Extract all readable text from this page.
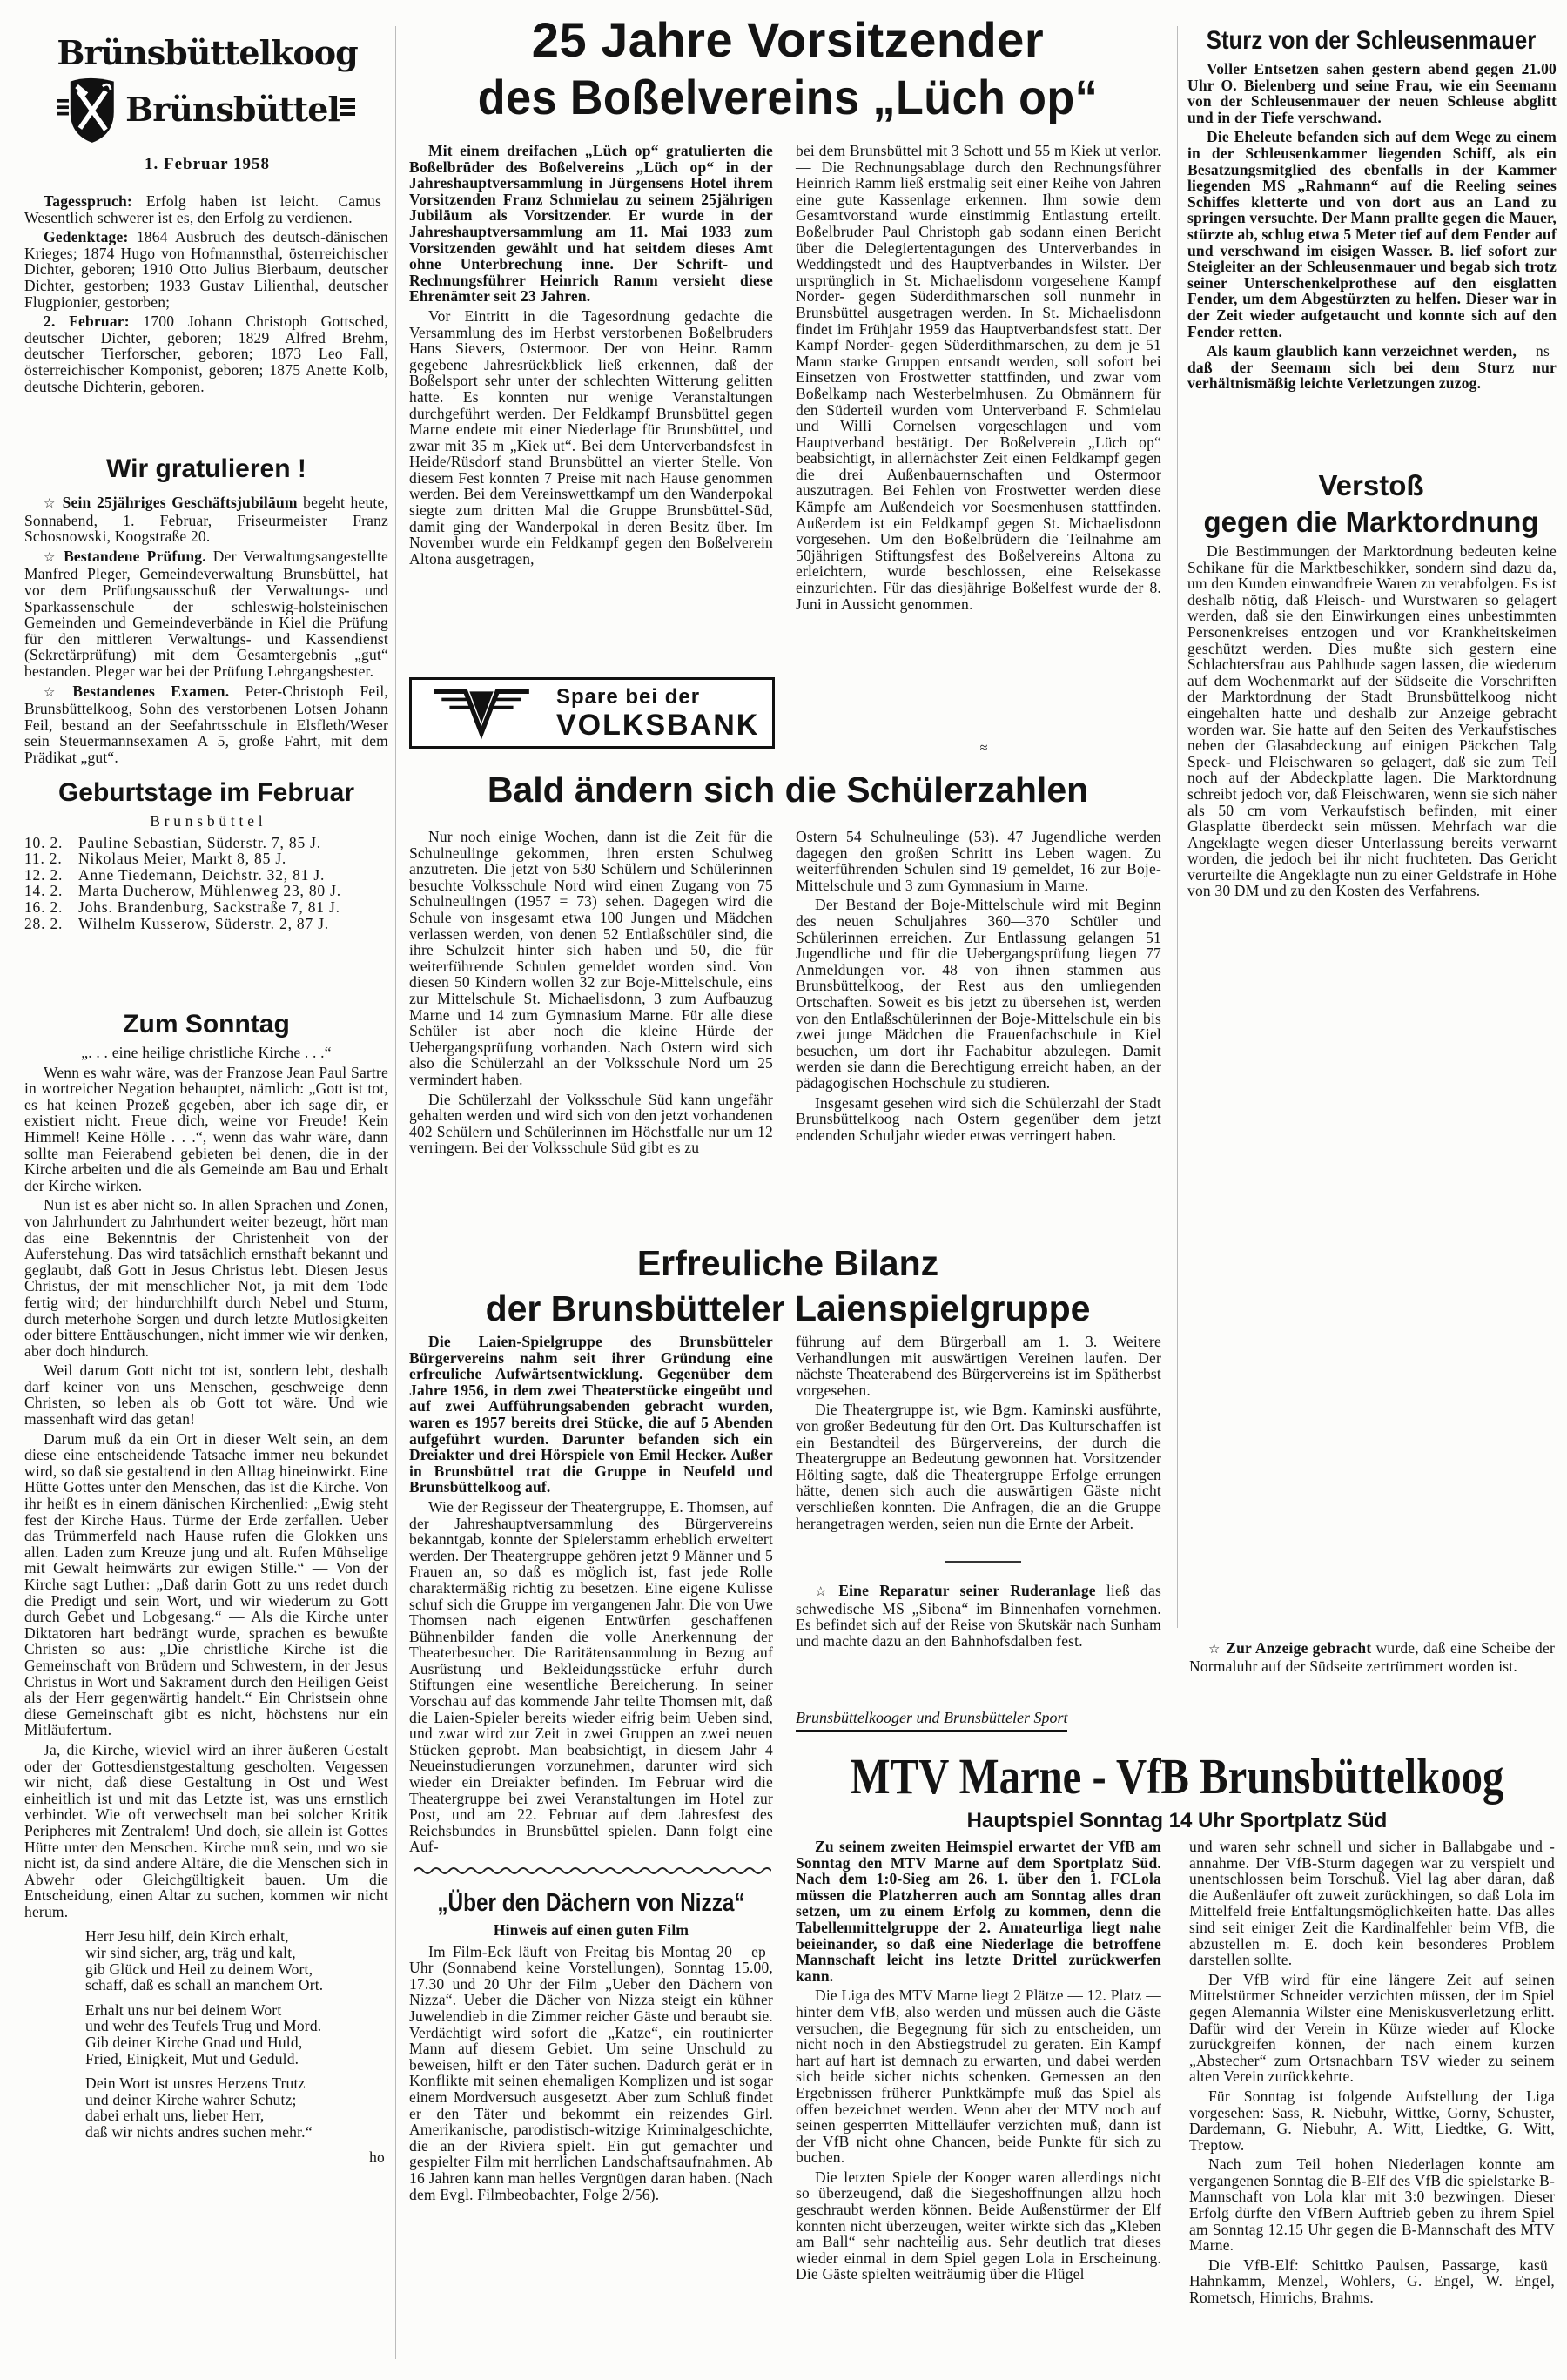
Brünsbüttelkoog
Brünsbüttel
1. Februar 1958

Camus
Tagesspruch: Erfolg haben ist leicht. Wesentlich schwerer ist es, den Erfolg zu verdienen.

Gedenktage: 1864 Ausbruch des deutsch-dänischen Krieges; 1874 Hugo von Hofmannsthal, österreichischer Dichter, geboren; 1910 Otto Julius Bierbaum, deutscher Dichter, gestorben; 1933 Gustav Lilienthal, deutscher Flugpionier, gestorben;

2. Februar: 1700 Johann Christoph Gottsched, deutscher Dichter, geboren; 1829 Alfred Brehm, deutscher Tierforscher, geboren; 1873 Leo Fall, österreichischer Komponist, geboren; 1875 Anette Kolb, deutsche Dichterin, geboren.

Wir gratulieren !

☆ Sein 25jähriges Geschäftsjubiläum begeht heute, Sonnabend, 1. Februar, Friseurmeister Franz Schosnowski, Koogstraße 20.

☆ Bestandene Prüfung. Der Verwaltungsangestellte Manfred Pleger, Gemeindeverwaltung Brunsbüttel, hat vor dem Prüfungsausschuß der Verwaltungs- und Sparkassenschule der schleswig-holsteinischen Gemeinden und Gemeindeverbände in Kiel die Prüfung für den mittleren Verwaltungs- und Kassendienst (Sekretärprüfung) mit dem Gesamtergebnis „gut“ bestanden. Pleger war bei der Prüfung Lehrgangsbester.

☆ Bestandenes Examen. Peter-Christoph Feil, Brunsbüttelkoog, Sohn des verstorbenen Lotsen Johann Feil, bestand an der Seefahrtsschule in Elsfleth/Weser sein Steuermannsexamen A 5, große Fahrt, mit dem Prädikat „gut“.

Geburtstage im Februar
B r u n s b ü t t e l
10. 2. Pauline Sebastian, Süderstr. 7, 85 J.
11. 2. Nikolaus Meier, Markt 8, 85 J.
12. 2. Anne Tiedemann, Deichstr. 32, 81 J.
14. 2. Marta Ducherow, Mühlenweg 23, 80 J.
16. 2. Johs. Brandenburg, Sackstraße 7, 81 J.
28. 2. Wilhelm Kusserow, Süderstr. 2, 87 J.
Zum Sonntag
„. . . eine heilige christliche Kirche . . .“

Wenn es wahr wäre, was der Franzose Jean Paul Sartre in wortreicher Negation behauptet, nämlich: „Gott ist tot, es hat keinen Prozeß gegeben, aber ich sage dir, er existiert nicht. Freue dich, weine vor Freude! Kein Himmel! Keine Hölle . . .“, wenn das wahr wäre, dann sollte man Feierabend gebieten bei denen, die in der Kirche arbeiten und die als Gemeinde am Bau und Erhalt der Kirche wirken.

Nun ist es aber nicht so. In allen Sprachen und Zonen, von Jahrhundert zu Jahrhundert weiter bezeugt, hört man das eine Bekenntnis der Christenheit von der Auferstehung. Das wird tatsächlich ernsthaft bekannt und geglaubt, daß Gott in Jesus Christus lebt. Diesen Jesus Christus, der mit menschlicher Not, ja mit dem Tode fertig wird; der hindurchhilft durch Nebel und Sturm, durch meterhohe Sorgen und durch letzte Mutlosigkeiten oder bittere Enttäuschungen, nicht immer wie wir denken, aber doch hindurch.

Weil darum Gott nicht tot ist, sondern lebt, deshalb darf keiner von uns Menschen, geschweige denn Christen, so leben als ob Gott tot wäre. Und wie massenhaft wird das getan!

Darum muß da ein Ort in dieser Welt sein, an dem diese eine entscheidende Tatsache immer neu bekundet wird, so daß sie gestaltend in den Alltag hineinwirkt. Eine Hütte Gottes unter den Menschen, das ist die Kirche. Von ihr heißt es in einem dänischen Kirchenlied: „Ewig steht fest der Kirche Haus. Türme der Erde zerfallen. Ueber das Trümmerfeld nach Hause rufen die Glokken uns allen. Laden zum Kreuze jung und alt. Rufen Mühselige mit Gewalt heimwärts zur ewigen Stille.“ — Von der Kirche sagt Luther: „Daß darin Gott zu uns redet durch die Predigt und sein Wort, und wir wiederum zu Gott durch Gebet und Lobgesang.“ — Als die Kirche unter Diktatoren hart bedrängt wurde, sprachen es bewußte Christen so aus: „Die christliche Kirche ist die Gemeinschaft von Brüdern und Schwestern, in der Jesus Christus in Wort und Sakrament durch den Heiligen Geist als der Herr gegenwärtig handelt.“ Ein Christsein ohne diese Gemeinschaft gibt es nicht, höchstens nur ein Mitläufertum.

Ja, die Kirche, wieviel wird an ihrer äußeren Gestalt oder der Gottesdienstgestaltung gescholten. Vergessen wir nicht, daß diese Gestaltung in Ost und West einheitlich ist und mit das Letzte ist, was uns ernstlich verbindet. Wie oft verwechselt man bei solcher Kritik Peripheres mit Zentralem! Und doch, sie allein ist Gottes Hütte unter den Menschen. Kirche muß sein, und wo sie nicht ist, da sind andere Altäre, die die Menschen sich in Abwehr oder Gleichgültigkeit bauen. Um die Entscheidung, einen Altar zu suchen, kommen wir nicht herum.

Herr Jesu hilf, dein Kirch erhalt,
wir sind sicher, arg, träg und kalt,
gib Glück und Heil zu deinem Wort,
schaff, daß es schall an manchem Ort.
Erhalt uns nur bei deinem Wort
und wehr des Teufels Trug und Mord.
Gib deiner Kirche Gnad und Huld,
Fried, Einigkeit, Mut und Geduld.
Dein Wort ist unsres Herzens Trutz
und deiner Kirche wahrer Schutz;
dabei erhalt uns, lieber Herr,
daß wir nichts andres suchen mehr.“
ho
25 Jahre Vorsitzender
des Boßelvereins „Lüch op“

Mit einem dreifachen „Lüch op“ gratulierten die Boßelbrüder des Boßelvereins „Lüch op“ in der Jahreshauptversammlung in Jürgensens Hotel ihrem Vorsitzenden Franz Schmielau zu seinem 25jährigen Jubiläum als Vorsitzender. Er wurde in der Jahreshauptversammlung am 11. Mai 1933 zum Vorsitzenden gewählt und hat seitdem dieses Amt ohne Unterbrechung inne. Der Schrift- und Rechnungsführer Heinrich Ramm versieht diese Ehrenämter seit 23 Jahren.

Vor Eintritt in die Tagesordnung gedachte die Versammlung des im Herbst verstorbenen Boßelbruders Hans Sievers, Ostermoor. Der von Heinr. Ramm gegebene Jahresrückblick ließ erkennen, daß der Boßelsport sehr unter der schlechten Witterung gelitten hatte. Es konnten nur wenige Veranstaltungen durchgeführt werden. Der Feldkampf Brunsbüttel gegen Marne endete mit einer Niederlage für Brunsbüttel, und zwar mit 35 m „Kiek ut“. Bei dem Unterverbandsfest in Heide/Rüsdorf stand Brunsbüttel an vierter Stelle. Von diesem Fest konnten 7 Preise mit nach Hause genommen werden. Bei dem Vereinswettkampf um den Wanderpokal siegte zum dritten Mal die Gruppe Brunsbüttel-Süd, damit ging der Wanderpokal in deren Besitz über. Im November wurde ein Feldkampf gegen den Boßelverein Altona ausgetragen,

bei dem Brunsbüttel mit 3 Schott und 55 m Kiek ut verlor. — Die Rechnungsablage durch den Rechnungsführer Heinrich Ramm ließ erstmalig seit einer Reihe von Jahren eine gute Kassenlage erkennen. Ihm sowie dem Gesamtvorstand wurde einstimmig Entlastung erteilt. Boßelbruder Paul Christoph gab sodann einen Bericht über die Delegiertentagungen des Unterverbandes in Weddingstedt und des Hauptverbandes in Wilster. Der ursprünglich in St. Michaelisdonn vorgesehene Kampf Norder- gegen Süderdithmarschen soll nunmehr in Brunsbüttel ausgetragen werden. In St. Michaelisdonn findet im Frühjahr 1959 das Hauptverbandsfest statt. Der Kampf Norder- gegen Süderdithmarschen, zu dem je 51 Mann starke Gruppen entsandt werden, soll sofort bei Einsetzen von Frostwetter stattfinden, und zwar vom Boßelkamp nach Westerbelmhusen. Zu Obmännern für den Süderteil wurden vom Unterverband F. Schmielau und Willi Cornelsen vorgeschlagen und vom Hauptverband bestätigt. Der Boßelverein „Lüch op“ beabsichtigt, in allernächster Zeit einen Feldkampf gegen die drei Außenbauernschaften und Ostermoor auszutragen. Bei Fehlen von Frostwetter werden diese Kämpfe am Außendeich vor Soesmenhusen stattfinden. Außerdem ist ein Feldkampf gegen St. Michaelisdonn vorgesehen. Um den Boßelbrüdern die Teilnahme am 50jährigen Stiftungsfest des Boßelvereins Altona zu erleichtern, wurde beschlossen, eine Reisekasse einzurichten. Für das diesjährige Boßelfest wurde der 8. Juni in Aussicht genommen.

≈
Spare bei der
VOLKSBANK
Bald ändern sich die Schülerzahlen

Nur noch einige Wochen, dann ist die Zeit für die Schulneulinge gekommen, ihren ersten Schulweg anzutreten. Die jetzt von 530 Schülern und Schülerinnen besuchte Volksschule Nord wird einen Zugang von 75 Schulneulingen (1957 = 73) sehen. Dagegen wird die Schule von insgesamt etwa 100 Jungen und Mädchen verlassen werden, von denen 52 Entlaßschüler sind, die ihre Schulzeit hinter sich haben und 50, die für weiterführende Schulen gemeldet worden sind. Von diesen 50 Kindern wollen 32 zur Boje-Mittelschule, eins zur Mittelschule St. Michaelisdonn, 3 zum Aufbauzug Marne und 14 zum Gymnasium Marne. Für alle diese Schüler ist aber noch die kleine Hürde der Uebergangsprüfung vorhanden. Nach Ostern wird sich also die Schülerzahl an der Volksschule Nord um 25 vermindert haben.

Die Schülerzahl der Volksschule Süd kann ungefähr gehalten werden und wird sich von den jetzt vorhandenen 402 Schülern und Schülerinnen im Höchstfalle nur um 12 verringern. Bei der Volksschule Süd gibt es zu

Ostern 54 Schulneulinge (53). 47 Jugendliche werden dagegen den großen Schritt ins Leben wagen. Zu weiterführenden Schulen sind 19 gemeldet, 16 zur Boje-Mittelschule und 3 zum Gymnasium in Marne.

Der Bestand der Boje-Mittelschule wird mit Beginn des neuen Schuljahres 360—370 Schüler und Schülerinnen erreichen. Zur Entlassung gelangen 51 Jugendliche und für die Uebergangsprüfung liegen 77 Anmeldungen vor. 48 von ihnen stammen aus Brunsbüttelkoog, der Rest aus den umliegenden Ortschaften. Soweit es bis jetzt zu übersehen ist, werden von den Entlaßschülerinnen der Boje-Mittelschule ein bis zwei junge Mädchen die Frauenfachschule in Kiel besuchen, um dort ihr Fachabitur abzulegen. Damit werden sie dann die Berechtigung erreicht haben, an der pädagogischen Hochschule zu studieren.

Insgesamt gesehen wird sich die Schülerzahl der Stadt Brunsbüttelkoog nach Ostern gegenüber dem jetzt endenden Schuljahr wieder etwas verringert haben.

Erfreuliche Bilanz
der Brunsbütteler Laienspielgruppe

Die Laien-Spielgruppe des Brunsbütteler Bürgervereins nahm seit ihrer Gründung eine erfreuliche Aufwärtsentwicklung. Gegenüber dem Jahre 1956, in dem zwei Theaterstücke eingeübt und auf zwei Aufführungsabenden gebracht wurden, waren es 1957 bereits drei Stücke, die auf 5 Abenden aufgeführt wurden. Darunter befanden sich ein Dreiakter und drei Hörspiele von Emil Hecker. Außer in Brunsbüttel trat die Gruppe in Neufeld und Brunsbüttelkoog auf.

Wie der Regisseur der Theatergruppe, E. Thomsen, auf der Jahreshauptversammlung des Bürgervereins bekanntgab, konnte der Spielerstamm erheblich erweitert werden. Der Theatergruppe gehören jetzt 9 Männer und 5 Frauen an, so daß es möglich ist, fast jede Rolle charaktermäßig richtig zu besetzen. Eine eigene Kulisse schuf sich die Gruppe im vergangenen Jahr. Die von Uwe Thomsen nach eigenen Entwürfen geschaffenen Bühnenbilder fanden die volle Anerkennung der Theaterbesucher. Die Raritätensammlung in Bezug auf Ausrüstung und Bekleidungsstücke erfuhr durch Stiftungen eine wesentliche Bereicherung. In seiner Vorschau auf das kommende Jahr teilte Thomsen mit, daß die Laien-Spieler bereits wieder eifrig beim Ueben sind, und zwar wird zur Zeit in zwei Gruppen an zwei neuen Stücken geprobt. Man beabsichtigt, in diesem Jahr 4 Neueinstudierungen vorzunehmen, darunter wird sich wieder ein Dreiakter befinden. Im Februar wird die Theatergruppe bei zwei Veranstaltungen im Hotel zur Post, und am 22. Februar auf dem Jahresfest des Reichsbundes in Brunsbüttel spielen. Dann folgt eine Auf-

führung auf dem Bürgerball am 1. 3. Weitere Verhandlungen mit auswärtigen Vereinen laufen. Der nächste Theaterabend des Bürgervereins ist im Spätherbst vorgesehen.

Die Theatergruppe ist, wie Bgm. Kaminski ausführte, von großer Bedeutung für den Ort. Das Kulturschaffen ist ein Bestandteil des Bürgervereins, der durch die Theatergruppe an Bedeutung gewonnen hat. Vorsitzender Hölting sagte, daß die Theatergruppe Erfolge errungen hätte, denen sich auch die auswärtigen Gäste nicht verschließen konnten. Die Anfragen, die an die Gruppe herangetragen werden, seien nun die Ernte der Arbeit.

„Über den Dächern von Nizza“
Hinweis auf einen guten Film

ep
Im Film-Eck läuft von Freitag bis Montag 20 Uhr (Sonnabend keine Vorstellungen), Sonntag 15.00, 17.30 und 20 Uhr der Film „Ueber den Dächern von Nizza“. Ueber die Dächer von Nizza steigt ein kühner Juwelendieb in die Zimmer reicher Gäste und beraubt sie. Verdächtigt wird sofort die „Katze“, ein routinierter Mann auf diesem Gebiet. Um seine Unschuld zu beweisen, hilft er den Täter suchen. Dadurch gerät er in Konflikte mit seinen ehemaligen Komplizen und ist sogar einem Mordversuch ausgesetzt. Aber zum Schluß findet er den Täter und bekommt ein reizendes Girl. Amerikanische, parodistisch-witzige Kriminalgeschichte, die an der Riviera spielt. Ein gut gemachter und gespielter Film mit herrlichen Landschaftsaufnahmen. Ab 16 Jahren kann man helles Vergnügen daran haben. (Nach dem Evgl. Filmbeobachter, Folge 2/56).

☆ Eine Reparatur seiner Ruderanlage ließ das schwedische MS „Sibena“ im Binnenhafen vornehmen. Es befindet sich auf der Reise von Skutskär nach Sunham und machte dazu an den Bahnhofsdalben fest.

Sturz von der Schleusenmauer

Voller Entsetzen sahen gestern abend gegen 21.00 Uhr O. Bielenberg und seine Frau, wie ein Seemann von der Schleusenmauer der neuen Schleuse abglitt und in der Tiefe verschwand.

Die Eheleute befanden sich auf dem Wege zu einem in der Schleusenkammer liegenden Schiff, als ein Besatzungsmitglied des ebenfalls in der Kammer liegenden MS „Rahmann“ auf die Reeling seines Schiffes kletterte und von dort aus an Land zu springen versuchte. Der Mann prallte gegen die Mauer, stürzte ab, schlug etwa 5 Meter tief auf dem Fender auf und verschwand im eisigen Wasser. B. lief sofort zur Steigleiter an der Schleusenmauer und begab sich trotz seiner Unterschenkelprothese auf den eisglatten Fender, um dem Abgestürzten zu helfen. Dieser war in der Zeit wieder aufgetaucht und konnte sich auf den Fender retten.

ns
Als kaum glaublich kann verzeichnet werden, daß der Seemann sich bei dem Sturz nur verhältnismäßig leichte Verletzungen zuzog.

Verstoß
gegen die Marktordnung

Die Bestimmungen der Marktordnung bedeuten keine Schikane für die Marktbeschikker, sondern sind dazu da, um den Kunden einwandfreie Waren zu verabfolgen. Es ist deshalb nötig, daß Fleisch- und Wurstwaren so gelagert werden, daß sie den Einwirkungen eines unbestimmten Personenkreises entzogen und vor Krankheitskeimen geschützt werden. Dies mußte sich gestern eine Schlachtersfrau aus Pahlhude sagen lassen, die wiederum auf dem Wochenmarkt auf der Südseite die Vorschriften der Marktordnung der Stadt Brunsbüttelkoog nicht eingehalten hatte und deshalb zur Anzeige gebracht worden war. Sie hatte auf den Seiten des Verkaufstisches neben der Glasabdeckung auf einigen Päckchen Talg Speck- und Fleischwaren so gelagert, daß sie zum Teil noch auf der Abdeckplatte lagen. Die Marktordnung schreibt jedoch vor, daß Fleischwaren, wenn sie sich näher als 50 cm vom Verkaufstisch befinden, mit einer Glasplatte überdeckt sein müssen. Mehrfach war die Angeklagte wegen dieser Unterlassung bereits verwarnt worden, die jedoch bei ihr nicht fruchteten. Das Gericht verurteilte die Angeklagte nun zu einer Geldstrafe in Höhe von 30 DM und zu den Kosten des Verfahrens.

☆ Zur Anzeige gebracht wurde, daß eine Scheibe der Normaluhr auf der Südseite zertrümmert worden ist.

Brunsbüttelkooger und Brunsbütteler Sport
MTV Marne - VfB Brunsbüttelkoog
Hauptspiel Sonntag 14 Uhr Sportplatz Süd

Zu seinem zweiten Heimspiel erwartet der VfB am Sonntag den MTV Marne auf dem Sportplatz Süd. Nach dem 1:0-Sieg am 26. 1. über den 1. FCLola müssen die Platzherren auch am Sonntag alles dran setzen, um zu einem Erfolg zu kommen, denn die Tabellenmittelgruppe der 2. Amateurliga liegt nahe beieinander, so daß eine Niederlage die betroffene Mannschaft leicht ins letzte Drittel zurückwerfen kann.

Die Liga des MTV Marne liegt 2 Plätze — 12. Platz — hinter dem VfB, also werden und müssen auch die Gäste versuchen, die Begegnung für sich zu entscheiden, um nicht noch in den Abstiegstrudel zu geraten. Ein Kampf hart auf hart ist demnach zu erwarten, und dabei werden sich beide sicher nichts schenken. Gemessen an den Ergebnissen früherer Punktkämpfe muß das Spiel als offen bezeichnet werden. Wenn aber der MTV noch auf seinen gesperrten Mittelläufer verzichten muß, dann ist der VfB nicht ohne Chancen, beide Punkte für sich zu buchen.

Die letzten Spiele der Kooger waren allerdings nicht so überzeugend, daß die Siegeshoffnungen allzu hoch geschraubt werden können. Beide Außenstürmer der Elf konnten nicht überzeugen, weiter wirkte sich das „Kleben am Ball“ sehr nachteilig aus. Sehr deutlich trat dieses wieder einmal in dem Spiel gegen Lola in Erscheinung. Die Gäste spielten weiträumig über die Flügel

und waren sehr schnell und sicher in Ballabgabe und -annahme. Der VfB-Sturm dagegen war zu verspielt und unentschlossen beim Torschuß. Viel lag aber daran, daß die Außenläufer oft zuweit zurückhingen, so daß Lola im Mittelfeld freie Entfaltungsmöglichkeiten hatte. Das alles sind seit einiger Zeit die Kardinalfehler beim VfB, die abzustellen m. E. doch kein besonderes Problem darstellen sollte.

Der VfB wird für eine längere Zeit auf seinen Mittelstürmer Schneider verzichten müssen, der im Spiel gegen Alemannia Wilster eine Meniskusverletzung erlitt. Dafür wird der Verein in Kürze wieder auf Klocke zurückgreifen können, der nach einem kurzen „Abstecher“ zum Ortsnachbarn TSV wieder zu seinem alten Verein zurückkehrte.

Für Sonntag ist folgende Aufstellung der Liga vorgesehen: Sass, R. Niebuhr, Wittke, Gorny, Schuster, Dardemann, G. Niebuhr, A. Witt, Liedtke, G. Witt, Treptow.

Nach zum Teil hohen Niederlagen konnte am vergangenen Sonntag die B-Elf des VfB die spielstarke B-Mannschaft von Lola klar mit 3:0 bezwingen. Dieser Erfolg dürfte den VfBern Auftrieb geben zu ihrem Spiel am Sonntag 12.15 Uhr gegen die B-Mannschaft des MTV Marne.

kasü
Die VfB-Elf: Schittko Paulsen, Passarge, Hahnkamm, Menzel, Wohlers, G. Engel, W. Engel, Rometsch, Hinrichs, Brahms.
